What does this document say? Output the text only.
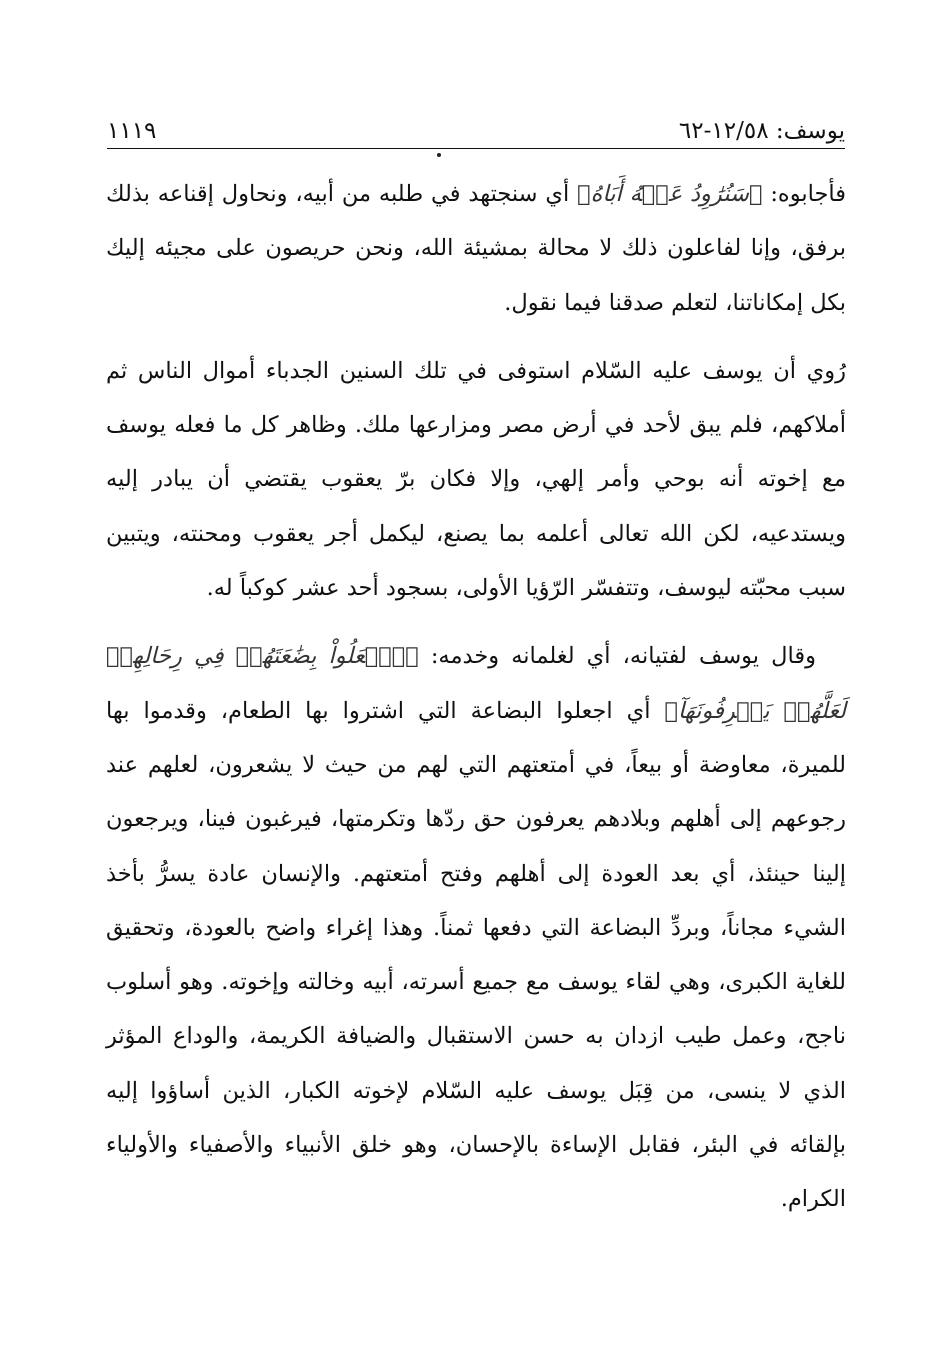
يوسف: ١٢/٥٨-٦٢
١١١٩

فأجابوه: ﴿سَنُرَٰوِدُ عَنۡهُ أَبَاهُ﴾ أي سنجتهد في طلبه من أبيه، ونحاول إقناعه بذلك برفق، وإنا لفاعلون ذلك لا محالة بمشيئة الله، ونحن حريصون على مجيئه إليك بكل إمكاناتنا، لتعلم صدقنا فيما نقول.

رُوي أن يوسف عليه السّلام استوفى في تلك السنين الجدباء أموال الناس ثم أملاكهم، فلم يبق لأحد في أرض مصر ومزارعها ملك. وظاهر كل ما فعله يوسف مع إخوته أنه بوحي وأمر إلهي، وإلا فكان برّ يعقوب يقتضي أن يبادر إليه ويستدعيه، لكن الله تعالى أعلمه بما يصنع، ليكمل أجر يعقوب ومحنته، ويتبين سبب محبّته ليوسف، وتتفسّر الرّؤيا الأولى، بسجود أحد عشر كوكباً له.

وقال يوسف لفتيانه، أي لغلمانه وخدمه: ﴿ٱجۡعَلُواْ بِضَٰعَتَهُمۡ فِي رِحَالِهِمۡ لَعَلَّهُمۡ يَعۡرِفُونَهَآ﴾ أي اجعلوا البضاعة التي اشتروا بها الطعام، وقدموا بها للميرة، معاوضة أو بيعاً، في أمتعتهم التي لهم من حيث لا يشعرون، لعلهم عند رجوعهم إلى أهلهم وبلادهم يعرفون حق ردّها وتكرمتها، فيرغبون فينا، ويرجعون إلينا حينئذ، أي بعد العودة إلى أهلهم وفتح أمتعتهم. والإنسان عادة يسرُّ بأخذ الشيء مجاناً، وبردِّ البضاعة التي دفعها ثمناً. وهذا إغراء واضح بالعودة، وتحقيق للغاية الكبرى، وهي لقاء يوسف مع جميع أسرته، أبيه وخالته وإخوته. وهو أسلوب ناجح، وعمل طيب ازدان به حسن الاستقبال والضيافة الكريمة، والوداع المؤثر الذي لا ينسى، من قِبَل يوسف عليه السّلام لإخوته الكبار، الذين أساؤوا إليه بإلقائه في البئر، فقابل الإساءة بالإحسان، وهو خلق الأنبياء والأصفياء والأولياء الكرام.
